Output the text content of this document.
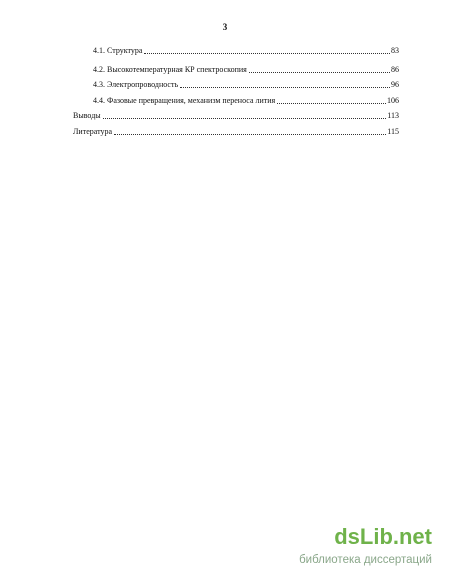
3
4.1. Структура	83
4.2. Высокотемпературная КР спектроскопия	86
4.3. Электропроводность	96
4.4. Фазовые превращения, механизм переноса лития	106
Выводы	113
Литература	115
dsLib.net
библиотека диссертаций
